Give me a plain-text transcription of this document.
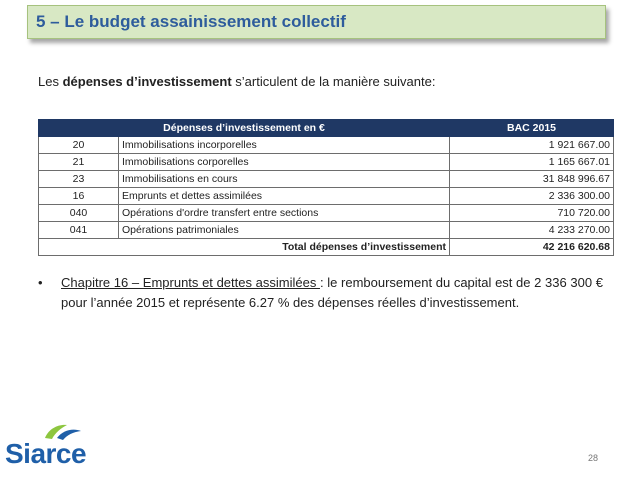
5 – Le budget assainissement collectif
Les dépenses d’investissement s’articulent de la manière suivante:
Dépenses d’investissement en €		BAC 2015
20	Immobilisations incorporelles	1 921 667.00
21	Immobilisations corporelles	1 165 667.01
23	Immobilisations en cours	31 848 996.67
16	Emprunts et dettes assimilées	2 336 300.00
040	Opérations d'ordre transfert entre sections	710 720.00
041	Opérations patrimoniales	4 233 270.00
Total dépenses d’investissement		42 216 620.68
• Chapitre 16 – Emprunts et dettes assimilées : le remboursement du capital est de 2 336 300 € pour l’année 2015 et représente 6.27 % des dépenses réelles d’investissement.
Siarce	28
